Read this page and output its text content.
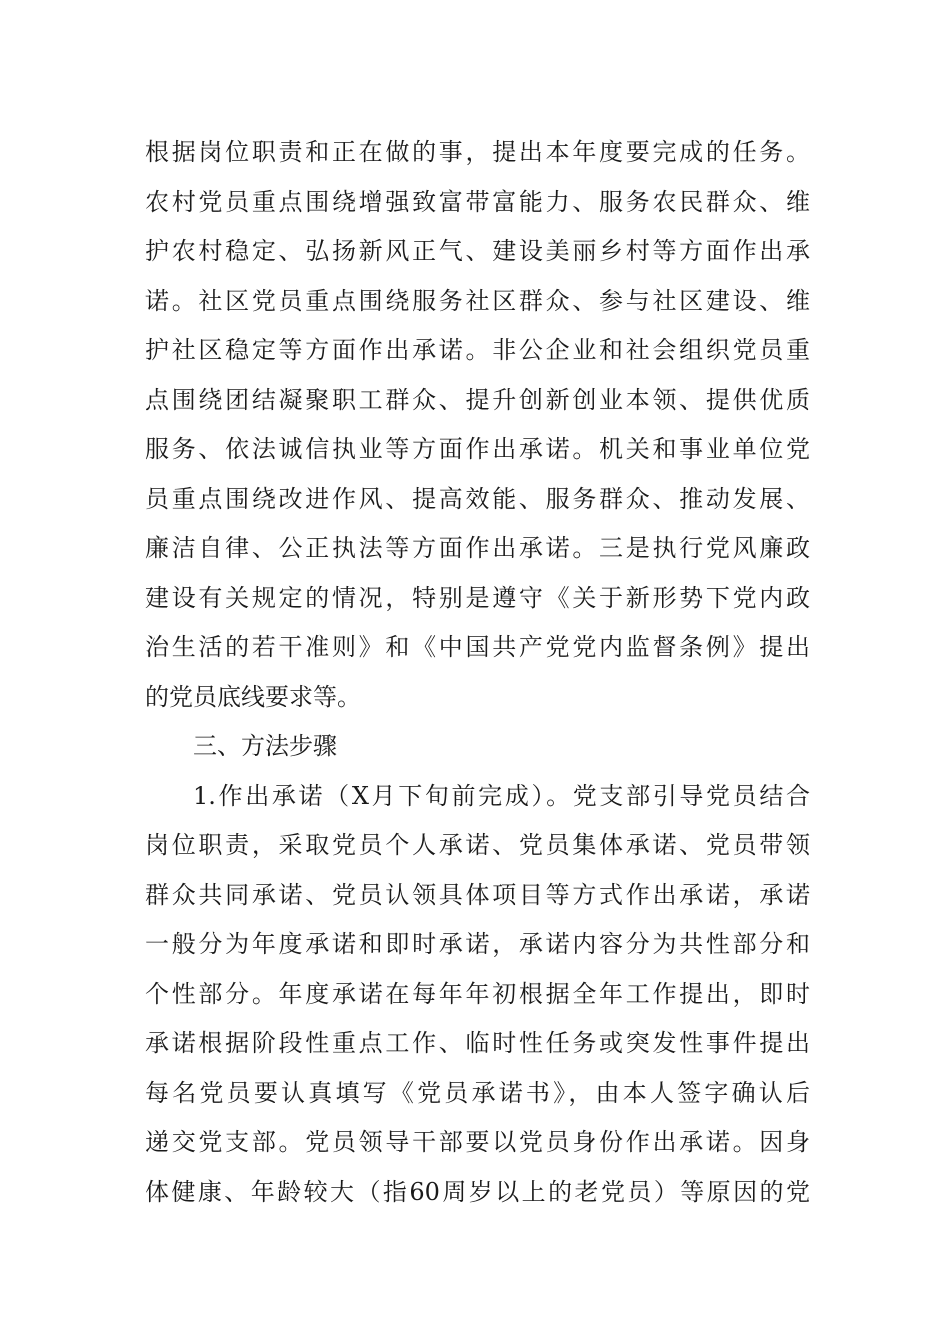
根据岗位职责和正在做的事，提出本年度要完成的任务。
农村党员重点围绕增强致富带富能力、服务农民群众、维
护农村稳定、弘扬新风正气、建设美丽乡村等方面作出承
诺。社区党员重点围绕服务社区群众、参与社区建设、维
护社区稳定等方面作出承诺。非公企业和社会组织党员重
点围绕团结凝聚职工群众、提升创新创业本领、提供优质
服务、依法诚信执业等方面作出承诺。机关和事业单位党
员重点围绕改进作风、提高效能、服务群众、推动发展、
廉洁自律、公正执法等方面作出承诺。三是执行党风廉政
建设有关规定的情况，特别是遵守《关于新形势下党内政
治生活的若干准则》和《中国共产党党内监督条例》提出
的党员底线要求等。
三、方法步骤
1.作出承诺（X月下旬前完成）。党支部引导党员结合
岗位职责，采取党员个人承诺、党员集体承诺、党员带领
群众共同承诺、党员认领具体项目等方式作出承诺，承诺
一般分为年度承诺和即时承诺，承诺内容分为共性部分和
个性部分。年度承诺在每年年初根据全年工作提出，即时
承诺根据阶段性重点工作、临时性任务或突发性事件提出
每名党员要认真填写《党员承诺书》，由本人签字确认后
递交党支部。党员领导干部要以党员身份作出承诺。因身
体健康、年龄较大（指60周岁以上的老党员）等原因的党
